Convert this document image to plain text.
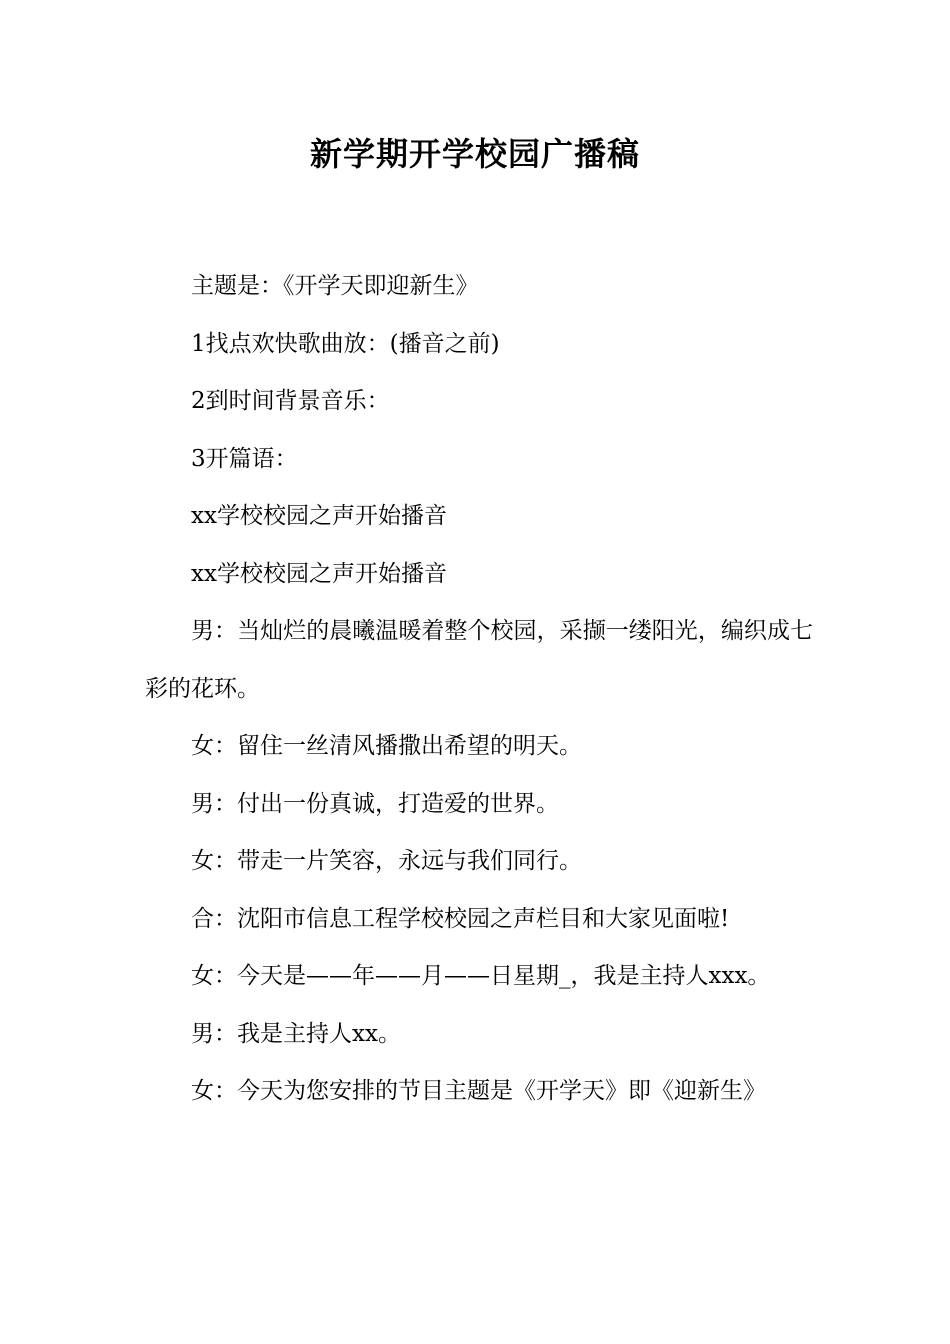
新学期开学校园广播稿

主题是：《开学天即迎新生》

1找点欢快歌曲放：(播音之前)

2到时间背景音乐：

3开篇语：

xx学校校园之声开始播音

xx学校校园之声开始播音

男：当灿烂的晨曦温暖着整个校园，采撷一缕阳光，编织成七彩的花环。

女：留住一丝清风播撒出希望的明天。

男：付出一份真诚，打造爱的世界。

女：带走一片笑容，永远与我们同行。

合：沈阳市信息工程学校校园之声栏目和大家见面啦!

女：今天是——年——月——日星期_，我是主持人xxx。

男：我是主持人xx。

女：今天为您安排的节目主题是《开学天》即《迎新生》
